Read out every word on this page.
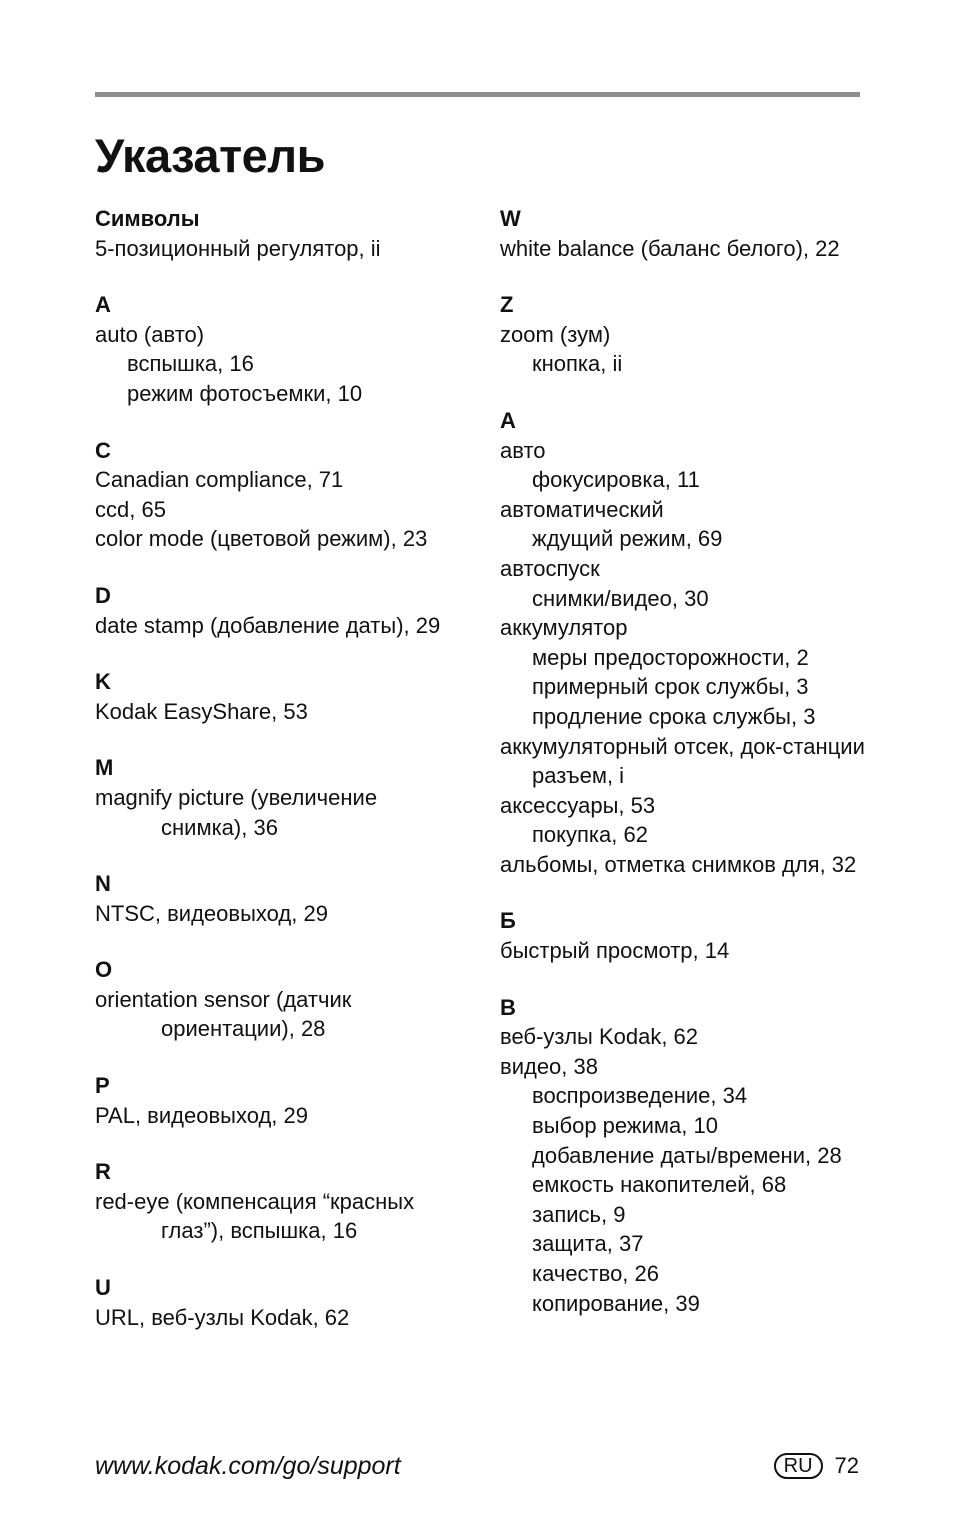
Указатель
Символы
5-позиционный регулятор, ii
A
auto (авто)
вспышка, 16
режим фотосъемки, 10
C
Canadian compliance, 71
ccd, 65
color mode (цветовой режим), 23
D
date stamp (добавление даты), 29
K
Kodak EasyShare, 53
M
magnify picture (увеличение
снимка), 36
N
NTSC, видеовыход, 29
O
orientation sensor (датчик
ориентации), 28
P
PAL, видеовыход, 29
R
red-eye (компенсация “красных
глаз”), вспышка, 16
U
URL, веб-узлы Kodak, 62
W
white balance (баланс белого), 22
Z
zoom (зум)
кнопка, ii
А
авто
фокусировка, 11
автоматический
ждущий режим, 69
автоспуск
снимки/видео, 30
аккумулятор
меры предосторожности, 2
примерный срок службы, 3
продление срока службы, 3
аккумуляторный отсек, док-станции
разъем, i
аксессуары, 53
покупка, 62
альбомы, отметка снимков для, 32
Б
быстрый просмотр, 14
В
веб-узлы Kodak, 62
видео, 38
воспроизведение, 34
выбор режима, 10
добавление даты/времени, 28
емкость накопителей, 68
запись, 9
защита, 37
качество, 26
копирование, 39
www.kodak.com/go/support	RU	72
